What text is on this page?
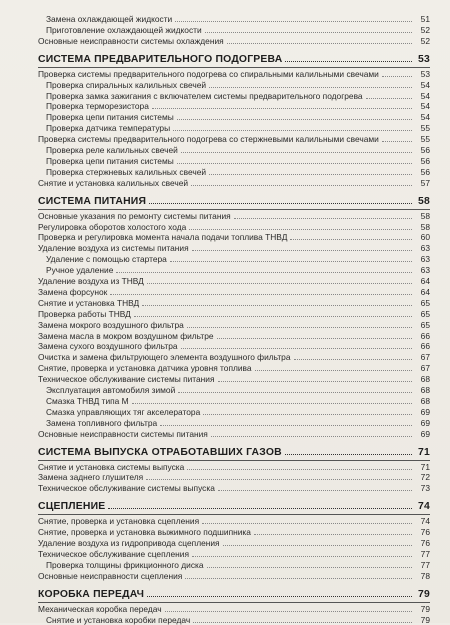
Замена охлаждающей жидкости	51
Приготовление охлаждающей жидкости	52
Основные неисправности системы охлаждения	52
СИСТЕМА ПРЕДВАРИТЕЛЬНОГО ПОДОГРЕВА	53
Проверка системы предварительного подогрева со спиральными калильными свечами	53
Проверка спиральных калильных свечей	54
Проверка замка зажигания с включателем системы предварительного подогрева	54
Проверка терморезистора	54
Проверка цепи питания системы	54
Проверка датчика температуры	55
Проверка системы предварительного подогрева со стержневыми калильными свечами	55
Проверка реле калильных свечей	56
Проверка цепи питания системы	56
Проверка стержневых калильных свечей	56
Снятие и установка калильных свечей	57
СИСТЕМА ПИТАНИЯ	58
Основные указания по ремонту системы питания	58
Регулировка оборотов холостого хода	58
Проверка и регулировка момента начала подачи топлива ТНВД	60
Удаление воздуха из системы питания	63
Удаление с помощью стартера	63
Ручное удаление	63
Удаление воздуха из ТНВД	64
Замена форсунок	64
Снятие и установка ТНВД	65
Проверка работы ТНВД	65
Замена мокрого воздушного фильтра	65
Замена масла в мокром воздушном фильтре	66
Замена сухого воздушного фильтра	66
Очистка и замена фильтрующего элемента воздушного фильтра	67
Снятие, проверка и установка датчика уровня топлива	67
Техническое обслуживание системы питания	68
Эксплуатация автомобиля зимой	68
Смазка ТНВД типа М	68
Смазка управляющих тяг акселератора	69
Замена топливного фильтра	69
Основные неисправности системы питания	69
СИСТЕМА ВЫПУСКА ОТРАБОТАВШИХ ГАЗОВ	71
Снятие и установка системы выпуска	71
Замена заднего глушителя	72
Техническое обслуживание системы выпуска	73
СЦЕПЛЕНИЕ	74
Снятие, проверка и установка сцепления	74
Снятие, проверка и установка выжимного подшипника	76
Удаление воздуха из гидропривода сцепления	76
Техническое обслуживание сцепления	77
Проверка толщины фрикционного диска	77
Основные неисправности сцепления	78
КОРОБКА ПЕРЕДАЧ	79
Механическая коробка передач	79
Снятие и установка коробки передач	79
